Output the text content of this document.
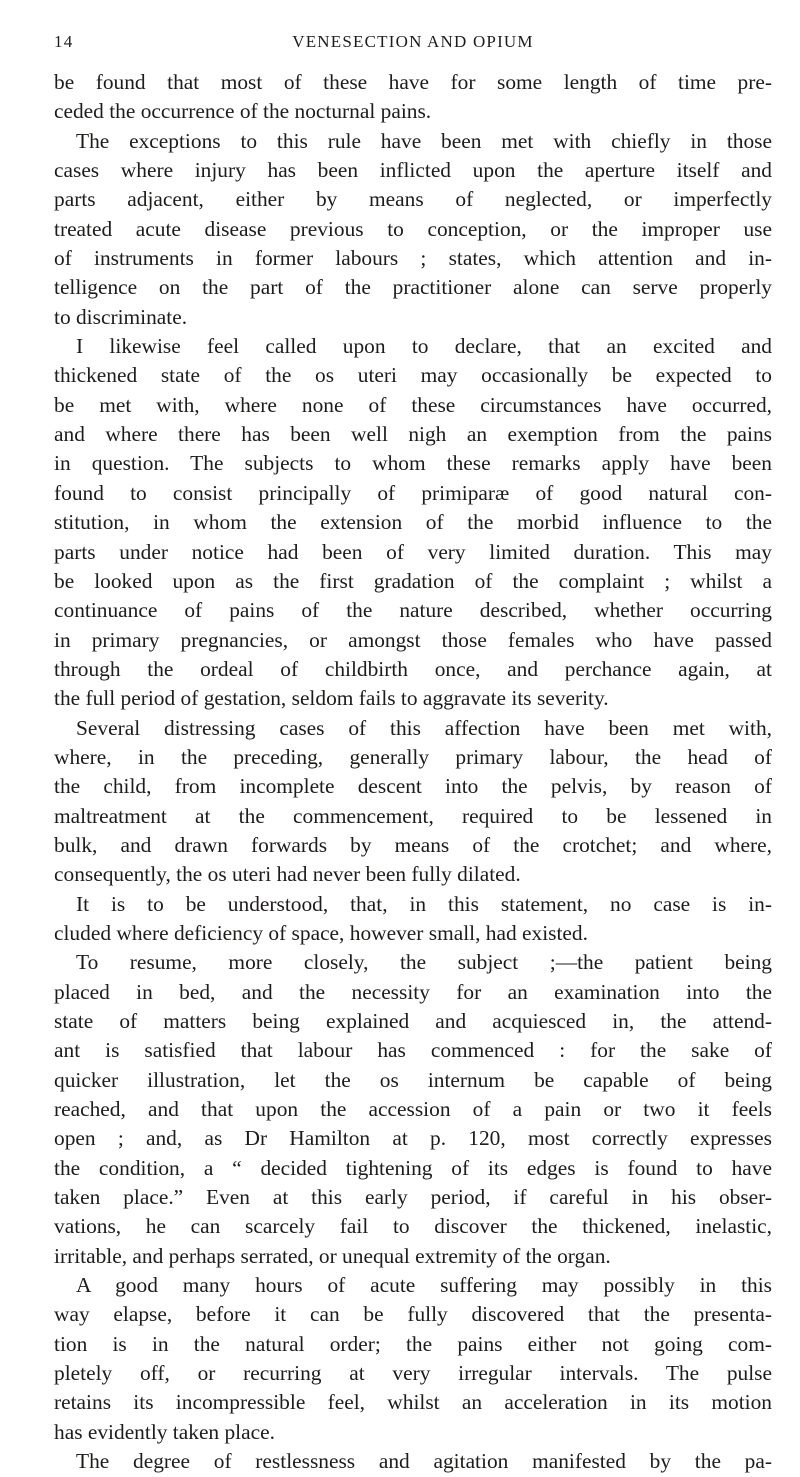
14	VENESECTION AND OPIUM
be found that most of these have for some length of time pre-
ceded the occurrence of the nocturnal pains.
The exceptions to this rule have been met with chiefly in those
cases where injury has been inflicted upon the aperture itself and
parts adjacent, either by means of neglected, or imperfectly
treated acute disease previous to conception, or the improper use
of instruments in former labours ; states, which attention and in-
telligence on the part of the practitioner alone can serve properly
to discriminate.
I likewise feel called upon to declare, that an excited and
thickened state of the os uteri may occasionally be expected to
be met with, where none of these circumstances have occurred,
and where there has been well nigh an exemption from the pains
in question. The subjects to whom these remarks apply have been
found to consist principally of primiparæ of good natural con-
stitution, in whom the extension of the morbid influence to the
parts under notice had been of very limited duration. This may
be looked upon as the first gradation of the complaint ; whilst a
continuance of pains of the nature described, whether occurring
in primary pregnancies, or amongst those females who have passed
through the ordeal of childbirth once, and perchance again, at
the full period of gestation, seldom fails to aggravate its severity.
Several distressing cases of this affection have been met with,
where, in the preceding, generally primary labour, the head of
the child, from incomplete descent into the pelvis, by reason of
maltreatment at the commencement, required to be lessened in
bulk, and drawn forwards by means of the crotchet; and where,
consequently, the os uteri had never been fully dilated.
It is to be understood, that, in this statement, no case is in-
cluded where deficiency of space, however small, had existed.
To resume, more closely, the subject ;—the patient being
placed in bed, and the necessity for an examination into the
state of matters being explained and acquiesced in, the attend-
ant is satisfied that labour has commenced : for the sake of
quicker illustration, let the os internum be capable of being
reached, and that upon the accession of a pain or two it feels
open ; and, as Dr Hamilton at p. 120, most correctly expresses
the condition, a “ decided tightening of its edges is found to have
taken place.” Even at this early period, if careful in his obser-
vations, he can scarcely fail to discover the thickened, inelastic,
irritable, and perhaps serrated, or unequal extremity of the organ.
A good many hours of acute suffering may possibly in this
way elapse, before it can be fully discovered that the presenta-
tion is in the natural order; the pains either not going com-
pletely off, or recurring at very irregular intervals. The pulse
retains its incompressible feel, whilst an acceleration in its motion
has evidently taken place.
The degree of restlessness and agitation manifested by the pa-
